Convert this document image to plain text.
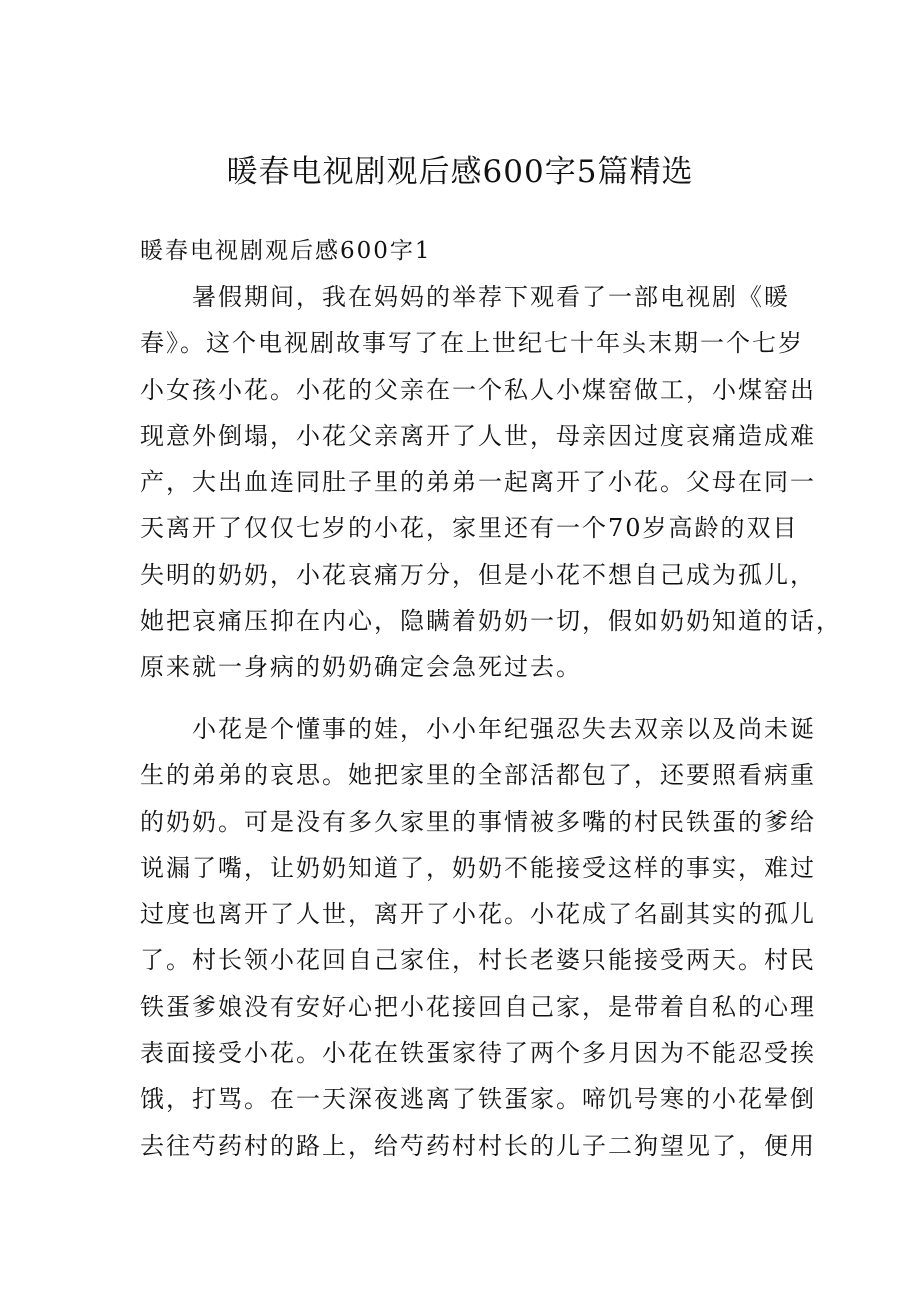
暖春电视剧观后感600字5篇精选
暖春电视剧观后感600字1
暑假期间，我在妈妈的举荐下观看了一部电视剧《暖
春》。这个电视剧故事写了在上世纪七十年头末期一个七岁
小女孩小花。小花的父亲在一个私人小煤窑做工，小煤窑出
现意外倒塌，小花父亲离开了人世，母亲因过度哀痛造成难
产，大出血连同肚子里的弟弟一起离开了小花。父母在同一
天离开了仅仅七岁的小花，家里还有一个70岁高龄的双目
失明的奶奶，小花哀痛万分，但是小花不想自己成为孤儿，
她把哀痛压抑在内心，隐瞒着奶奶一切，假如奶奶知道的话，
原来就一身病的奶奶确定会急死过去。
小花是个懂事的娃，小小年纪强忍失去双亲以及尚未诞
生的弟弟的哀思。她把家里的全部活都包了，还要照看病重
的奶奶。可是没有多久家里的事情被多嘴的村民铁蛋的爹给
说漏了嘴，让奶奶知道了，奶奶不能接受这样的事实，难过
过度也离开了人世，离开了小花。小花成了名副其实的孤儿
了。村长领小花回自己家住，村长老婆只能接受两天。村民
铁蛋爹娘没有安好心把小花接回自己家，是带着自私的心理
表面接受小花。小花在铁蛋家待了两个多月因为不能忍受挨
饿，打骂。在一天深夜逃离了铁蛋家。啼饥号寒的小花晕倒
去往芍药村的路上，给芍药村村长的儿子二狗望见了，便用
